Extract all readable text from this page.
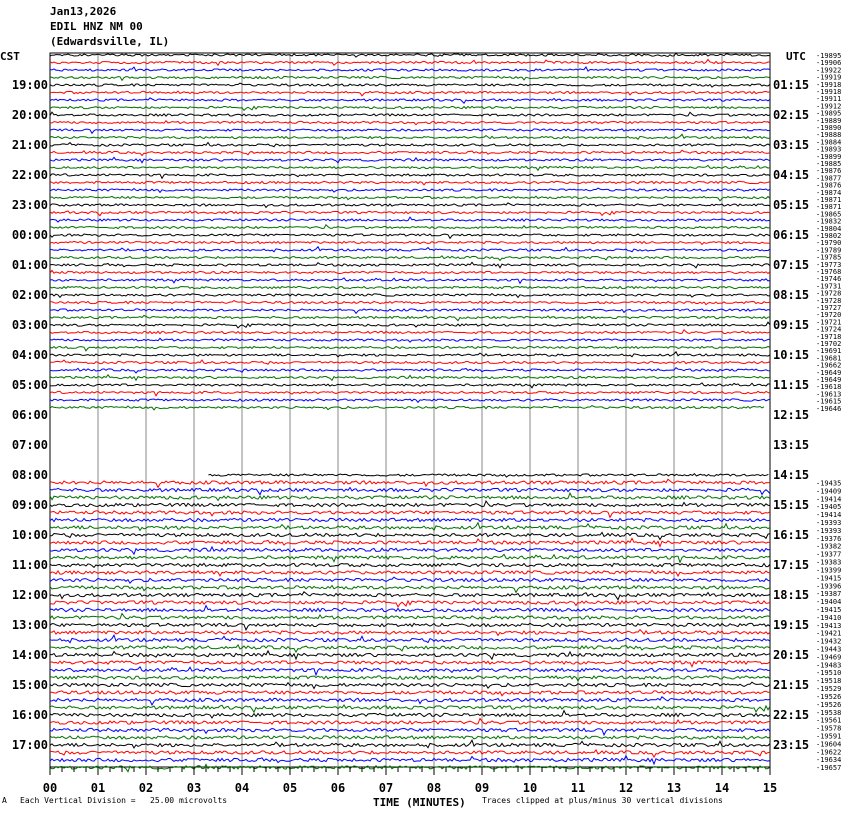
00	01	02	03	04	05	06	07	08	09	10	11	12	13	14	15
19:00
20:00
21:00
22:00
23:00
00:00
01:00
02:00
03:00
04:00
05:00
06:00
07:00
08:00
09:00
10:00
11:00
12:00
13:00
14:00
15:00
16:00
17:00
01:15
02:15
03:15
04:15
05:15
06:15
07:15
08:15
09:15
10:15
11:15
12:15
13:15
14:15
15:15
16:15
17:15
18:15
19:15
20:15
21:15
22:15
23:15
-19895
-19906
-19922
-19919
-19918
-19918
-19911
-19912
-19895
-19889
-19890
-19888
-19884
-19893
-19899
-19885
-19876
-19877
-19876
-19874
-19871
-19871
-19865
-19832
-19804
-19802
-19790
-19789
-19785
-19773
-19768
-19746
-19731
-19728
-19728
-19727
-19720
-19721
-19724
-19718
-19702
-19691
-19681
-19662
-19649
-19649
-19618
-19613
-19615
-19646
-19435
-19409
-19414
-19405
-19414
-19393
-19393
-19376
-19382
-19377
-19383
-19399
-19415
-19396
-19387
-19404
-19415
-19410
-19413
-19421
-19432
-19443
-19469
-19483
-19510
-19518
-19529
-19526
-19526
-19538
-19561
-19578
-19591
-19604
-19622
-19634
-19657
Jan13,2026
EDIL HNZ NM 00
(Edwardsville, IL)
CST	UTC
A Each Vertical Division =   25.00 microvolts	TIME (MINUTES) Traces clipped at plus/minus 30 vertical divisions
